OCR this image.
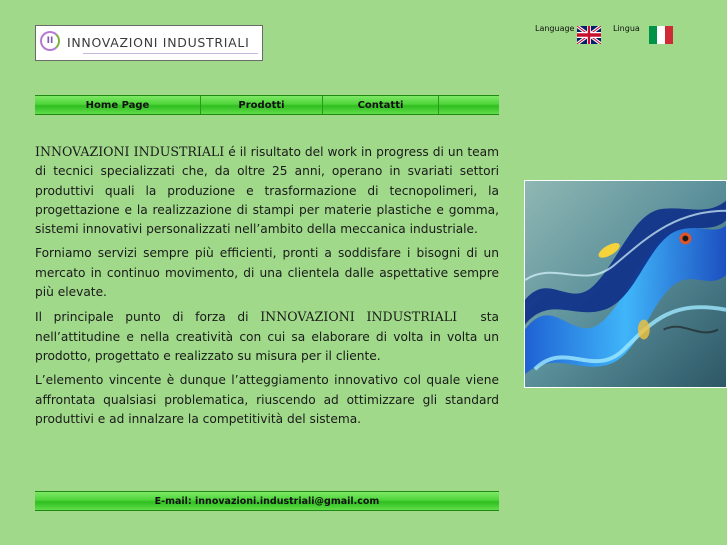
II	INNOVAZIONI INDUSTRIALI
Language	Lingua
Home Page	Prodotti	Contatti

INNOVAZIONI INDUSTRIALI é il risultato del work in progress di un team di tecnici specializzati che, da oltre 25 anni, operano in svariati settori produttivi quali la produzione e trasformazione di tecnopolimeri, la progettazione e la realizzazione di stampi per materie plastiche e gomma, sistemi innovativi personalizzati nell’ambito della meccanica industriale.

Forniamo servizi sempre più efficienti, pronti a soddisfare i bisogni di un mercato in continuo movimento, di una clientela dalle aspettative sempre più elevate.

Il principale punto di forza di INNOVAZIONI INDUSTRIALI  sta nell’attitudine e nella creatività con cui sa elaborare di volta in volta un prodotto, progettato e realizzato su misura per il cliente.

L’elemento vincente è dunque l’atteggiamento innovativo col quale viene affrontata qualsiasi problematica, riuscendo ad ottimizzare gli standard produttivi e ad innalzare la competitività del sistema.

E-mail: innovazioni.industriali@gmail.com
